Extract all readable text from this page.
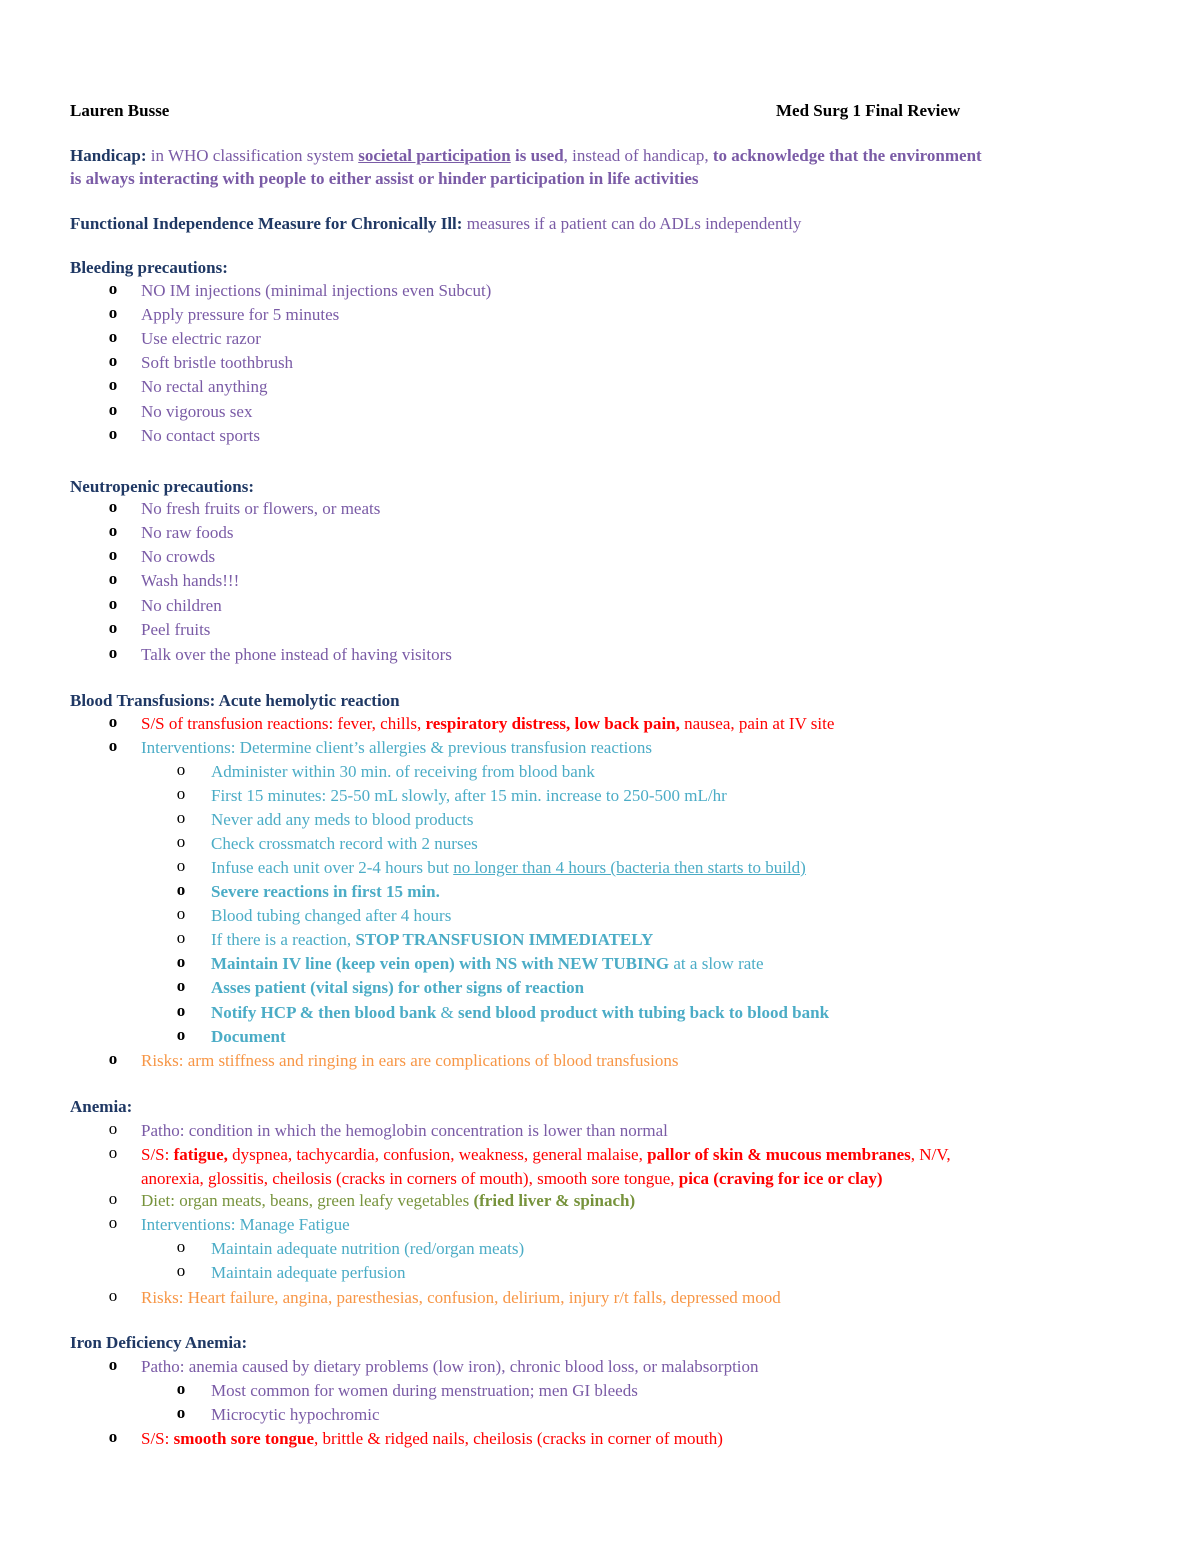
Lauren Busse	Med Surg 1 Final Review
Handicap: in WHO classification system societal participation is used, instead of handicap, to acknowledge that the environment
is always interacting with people to either assist or hinder participation in life activities
Functional Independence Measure for Chronically Ill: measures if a patient can do ADLs independently
Bleeding precautions:
o NO IM injections (minimal injections even Subcut)
o Apply pressure for 5 minutes
o Use electric razor
o Soft bristle toothbrush
o No rectal anything
o No vigorous sex
o No contact sports
Neutropenic precautions:
o No fresh fruits or flowers, or meats
o No raw foods
o No crowds
o Wash hands!!!
o No children
o Peel fruits
o Talk over the phone instead of having visitors
Blood Transfusions: Acute hemolytic reaction
o S/S of transfusion reactions: fever, chills, respiratory distress, low back pain, nausea, pain at IV site
o Interventions: Determine client’s allergies & previous transfusion reactions
o Administer within 30 min. of receiving from blood bank
o First 15 minutes: 25-50 mL slowly, after 15 min. increase to 250-500 mL/hr
o Never add any meds to blood products
o Check crossmatch record with 2 nurses
o Infuse each unit over 2-4 hours but no longer than 4 hours (bacteria then starts to build)
o Severe reactions in first 15 min.
o Blood tubing changed after 4 hours
o If there is a reaction, STOP TRANSFUSION IMMEDIATELY
o Maintain IV line (keep vein open) with NS with NEW TUBING at a slow rate
o Asses patient (vital signs) for other signs of reaction
o Notify HCP & then blood bank & send blood product with tubing back to blood bank
o Document
o Risks: arm stiffness and ringing in ears are complications of blood transfusions
Anemia:
o Patho: condition in which the hemoglobin concentration is lower than normal
o S/S: fatigue, dyspnea, tachycardia, confusion, weakness, general malaise, pallor of skin & mucous membranes, N/V,
anorexia, glossitis, cheilosis (cracks in corners of mouth), smooth sore tongue, pica (craving for ice or clay)
o Diet: organ meats, beans, green leafy vegetables (fried liver & spinach)
o Interventions: Manage Fatigue
o Maintain adequate nutrition (red/organ meats)
o Maintain adequate perfusion
o Risks: Heart failure, angina, paresthesias, confusion, delirium, injury r/t falls, depressed mood
Iron Deficiency Anemia:
o Patho: anemia caused by dietary problems (low iron), chronic blood loss, or malabsorption
o Most common for women during menstruation; men GI bleeds
o Microcytic hypochromic
o S/S: smooth sore tongue, brittle & ridged nails, cheilosis (cracks in corner of mouth)
